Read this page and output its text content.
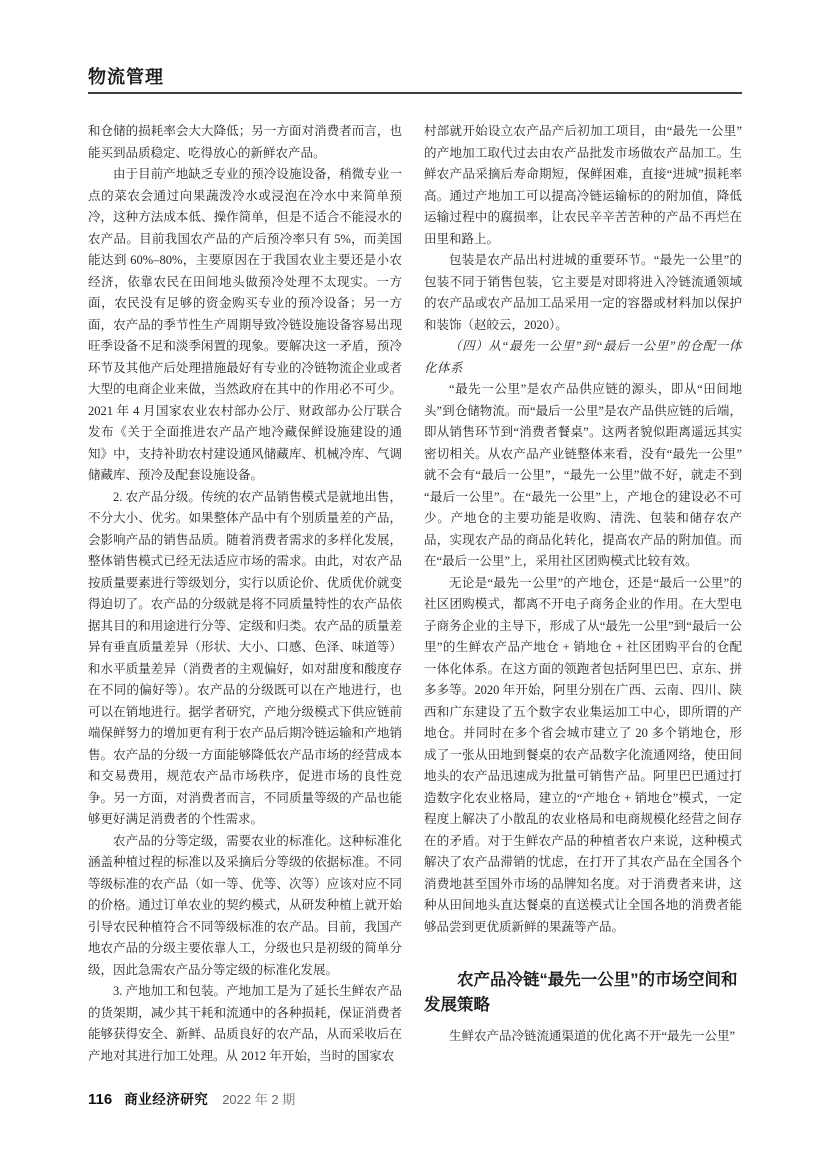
物流管理

和仓储的损耗率会大大降低；另一方面对消费者而言，也能买到品质稳定、吃得放心的新鲜农产品。

由于目前产地缺乏专业的预冷设施设备，稍微专业一点的菜农会通过向果蔬泼冷水或浸泡在冷水中来简单预冷，这种方法成本低、操作简单，但是不适合不能浸水的农产品。目前我国农产品的产后预冷率只有 5%，而美国能达到 60%–80%，主要原因在于我国农业主要还是小农经济，依靠农民在田间地头做预冷处理不太现实。一方面，农民没有足够的资金购买专业的预冷设备；另一方面，农产品的季节性生产周期导致冷链设施设备容易出现旺季设备不足和淡季闲置的现象。要解决这一矛盾，预冷环节及其他产后处理措施最好有专业的冷链物流企业或者大型的电商企业来做，当然政府在其中的作用必不可少。2021 年 4 月国家农业农村部办公厅、财政部办公厅联合发布《关于全面推进农产品产地冷藏保鲜设施建设的通知》中，支持补助农村建设通风储藏库、机械冷库、气调储藏库、预冷及配套设施设备。

2. 农产品分级。传统的农产品销售模式是就地出售，不分大小、优劣。如果整体产品中有个别质量差的产品，会影响产品的销售品质。随着消费者需求的多样化发展，整体销售模式已经无法适应市场的需求。由此，对农产品按质量要素进行等级划分，实行以质论价、优质优价就变得迫切了。农产品的分级就是将不同质量特性的农产品依据其目的和用途进行分等、定级和归类。农产品的质量差异有垂直质量差异（形状、大小、口感、色泽、味道等）和水平质量差异（消费者的主观偏好，如对甜度和酸度存在不同的偏好等）。农产品的分级既可以在产地进行，也可以在销地进行。据学者研究，产地分级模式下供应链前端保鲜努力的增加更有利于农产品后期冷链运输和产地销售。农产品的分级一方面能够降低农产品市场的经营成本和交易费用，规范农产品市场秩序，促进市场的良性竞争。另一方面，对消费者而言，不同质量等级的产品也能够更好满足消费者的个性需求。

农产品的分等定级，需要农业的标准化。这种标准化涵盖种植过程的标准以及采摘后分等级的依据标准。不同等级标准的农产品（如一等、优等、次等）应该对应不同的价格。通过订单农业的契约模式，从研发种植上就开始引导农民种植符合不同等级标准的农产品。目前，我国产地农产品的分级主要依靠人工，分级也只是初级的简单分级，因此急需农产品分等定级的标准化发展。

3. 产地加工和包装。产地加工是为了延长生鲜农产品的货架期，减少其干耗和流通中的各种损耗，保证消费者能够获得安全、新鲜、品质良好的农产品，从而采收后在产地对其进行加工处理。从 2012 年开始，当时的国家农

村部就开始设立农产品产后初加工项目，由“最先一公里”的产地加工取代过去由农产品批发市场做农产品加工。生鲜农产品采摘后寿命期短，保鲜困难，直接“进城”损耗率高。通过产地加工可以提高冷链运输标的的附加值，降低运输过程中的腐损率，让农民辛辛苦苦种的产品不再烂在田里和路上。

包装是农产品出村进城的重要环节。“最先一公里”的包装不同于销售包装，它主要是对即将进入冷链流通领域的农产品或农产品加工品采用一定的容器或材料加以保护和装饰（赵皎云，2020）。

（四）从“最先一公里”到“最后一公里”的仓配一体化体系

“最先一公里”是农产品供应链的源头，即从“田间地头”到仓储物流。而“最后一公里”是农产品供应链的后端，即从销售环节到“消费者餐桌”。这两者貌似距离遥远其实密切相关。从农产品产业链整体来看，没有“最先一公里”就不会有“最后一公里”，“最先一公里”做不好，就走不到“最后一公里”。在“最先一公里”上，产地仓的建设必不可少。产地仓的主要功能是收购、清洗、包装和储存农产品，实现农产品的商品化转化，提高农产品的附加值。而在“最后一公里”上，采用社区团购模式比较有效。

无论是“最先一公里”的产地仓，还是“最后一公里”的社区团购模式，都离不开电子商务企业的作用。在大型电子商务企业的主导下，形成了从“最先一公里”到“最后一公里”的生鲜农产品产地仓 + 销地仓 + 社区团购平台的仓配一体化体系。在这方面的领跑者包括阿里巴巴、京东、拼多多等。2020 年开始，阿里分别在广西、云南、四川、陕西和广东建设了五个数字农业集运加工中心，即所谓的产地仓。并同时在多个省会城市建立了 20 多个销地仓，形成了一张从田地到餐桌的农产品数字化流通网络，使田间地头的农产品迅速成为批量可销售产品。阿里巴巴通过打造数字化农业格局，建立的“产地仓 + 销地仓”模式，一定程度上解决了小散乱的农业格局和电商规模化经营之间存在的矛盾。对于生鲜农产品的种植者农户来说，这种模式解决了农产品滞销的忧虑，在打开了其农产品在全国各个消费地甚至国外市场的品牌知名度。对于消费者来讲，这种从田间地头直达餐桌的直送模式让全国各地的消费者能够品尝到更优质新鲜的果蔬等产品。

农产品冷链“最先一公里”的市场空间和发展策略

生鲜农产品冷链流通渠道的优化离不开“最先一公里”

116 商业经济研究 2022 年 2 期
